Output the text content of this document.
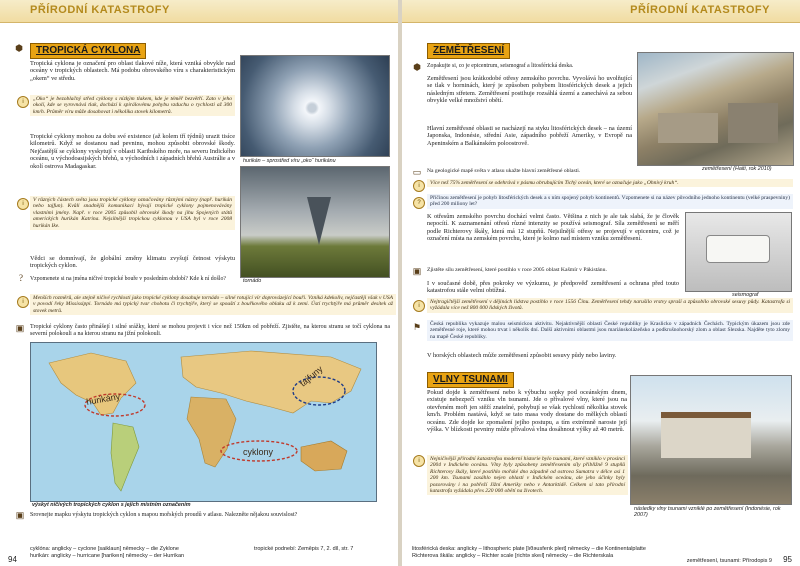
PŘÍRODNÍ KATASTROFY
TROPICKÁ CYKLONA
⬢
Tropická cyklona je označení pro oblast tlakové níže, která vzniká obvykle nad oceány v tropických oblastech. Má podobu obrovského víru s charakteristickým „okem“ ve středu.
i	„Oko“ je bezoblačný střed cyklony s nízkým tlakem, kde je téměř bezvětří. Zato v jeho okolí, kde se vyrovnává tlak, dochází k spirálovému pohybu vzduchu o rychlosti až 300 km/h. Průměr víru může dosahovat i několika stovek kilometrů.
Tropické cyklony mohou za dobu své existence (až kolem tří týdnů) urazit tisíce kilometrů. Když se dostanou nad pevninu, mohou způsobit obrovské škody. Nejčastější se cyklony vyskytují v oblasti Karibského moře, na severu Indického oceánu, u východoasijských břehů, u východních i západních břehů Austrálie a v okolí ostrova Madagaskar.
i
V různých částech světa jsou tropické cyklony označovány různými názvy (např. hurikán nebo tajfun). Kvůli snadnější komunikaci bývají tropické cyklony pojmenovávány vlastními jmény. Např. v roce 2005 způsobil obrovské škody na jihu Spojených států amerických hurikán Katrina. Nejsilnější tropickou cyklonou v USA byl v roce 2008 hurikán Ike.
Vědci se domnívají, že globální změny klimatu zvyšují četnost výskytu tropických cyklon.
?	Vzpomenete si na jména ničivé tropické bouře v posledním období? Kde k ní došlo?
hurikán – sprostřed víru „oko“ hurikánu
tornádo
i
Menších rozměrů, ale stejně ničivé rychlosti jako tropické cyklony dosahuje tornádo – silné rotující vír doprovázející bouři. Vzniká kdekoliv, nejčastěji však v USA v povodí řeky Mississippi. Tornádo má typický tvar chobotu či trychtýře, který se spouští z bouřkového oblaku až k zemi. Ústí trychtýře má průměr desítek až stovek metrů.
▣ Tropické cyklony často přinášejí i silné srážky, které se mohou projevit i více než 150km od pobřeží. Zjistěte, na kterou stranu se točí cyklona na severní polokouli a na kterou stranu na jižní polokouli.
hurikány
tajfuny
cyklony
výskyt ničivých tropických cyklon s jejich místním označením
▣ Srovnejte mapku výskytu tropických cyklon s mapou mořských proudů v atlasu. Nalezněte nějakou souvislost?
cyklóna: anglicky – cyclone [saiklaun] německy – die Zyklone
hurikán: anglicky – hurricane [harikeın] německy – der Hurrikan
tropické podnebí: Zeměpis 7, 2. díl, str. 7
94
PŘÍRODNÍ KATASTROFY
ZEMĚTŘESENÍ
⬢ Zopakujte si, co je epicentrum, seismograf a litosférická deska.
Zemětřesení jsou krátkodobé otřesy zemského povrchu. Vyvolává ho uvolňující se tlak v horninách, který je způsoben pohybem litosférických desek a jejich následným střetem. Zemětřesení postihuje rozsáhlá území a zanechává za sebou obvykle velké množství obětí.
Hlavní zemětřesné oblasti se nacházejí na styku litosférických desek – na území Japonska, Indonésie, střední Asie, západního pobřeží Ameriky, v Evropě na Apeninském a Balkánském poloostrově.
▭ Na geologické mapě světa v atlasu ukažte hlavní zemětřesné oblasti.	zemětřesení (Haiti, rok 2010)
i	Více než 75% zemětřesení se odehrává v pásmu obrubujícím Tichý oceán, které se označuje jako „Ohnivý kruh“.
?
Příčinou zemětřesení je pohyb litosférických desek a s ním spojený pohyb kontinentů. Vzpomenete si na název původního jednoho kontinentu (velké praspevniny) před 200 miliony let?
K otřesům zemského povrchu dochází velmi často. Většina z nich je ale tak slabá, že je člověk nepocítí. K zaznamenání otřesů různé intenzity se používá seismograf. Síla zemětřesení se měří podle Richterovy škály, která má 12 stupňů. Nejsilnější otřesy se projevují v epicentru, což je označení místa na zemském povrchu, které je kolmo nad místem vzniku zemětřesení.
seismograf
▣ Zjistěte sílu zemětřesení, které postihlo v roce 2005 oblast Kašmír v Pákistánu.
I v současné době, přes pokroky ve výzkumu, je předpověď zemětřesení a ochrana před touto katastrofou stále velmi obtížná.
i
Nejtragičtější zemětřesení v dějinách lidstva postihlo v roce 1556 Čínu. Zemětřesení tehdy narušilo vrstvy spraší a způsobilo obrovské sesuvy půdy. Katastrofa si vyžádala více než 800 000 lidských životů.
⚑	Česká republika vykazuje malou seismickou aktivitu. Nejaktivnější oblasti České republiky je Kraslicko v západních Čechách. Typickým úkazem jsou zde zemětřesné roje, které mohou trvat i několik dní. Další aktivními oblastmi jsou mariánskolázeňsko a podkrušnohorský zlom a oblast Slezska. Najděte tyto zlomy na mapě České republiky.
V horských oblastech může zemětřesení způsobit sesuvy půdy nebo laviny.
VLNY TSUNAMI
Pokud dojde k zemětřesení nebo k výbuchu sopky pod oceánským dnem, existuje nebezpečí vzniku vln tsunami. Jde o přívalové vlny, které jsou na otevřeném moři jen stěží znatelné, pohybují se však rychlostí několika stovek km/h. Problém nastává, když se tato masa vody dostane do mělkých oblastí oceánu. Zde dojde ke zpomalení jejího postupu, a tím extrémně naroste její výška. V blízkosti pevniny může přívalová vlna dosáhnout výšky až 40 metrů.
i	Nejničivější přírodní katastrofou moderní historie bylo tsunami, které vzniklo v prosinci 2004 v Indickém oceánu. Vlny byly způsobeny zemětřesením síly přibližně 9 stupňů Richterovy škály, které postihlo mořské dno západně od ostrova Sumatra v délce asi 1 200 km. Tsunami zasáhlo nejen oblasti v Indickém oceánu, ale jeho účinky byly pozorovány i na pobřeží Jižní Ameriky nebo v Antarktidě. Celkem si tato přírodní katastrofa vyžádala přes 220 000 obětí na životech.
následky vlny tsunami vzniklé po zemětřesení (Indonésie, rok 2007)
litosférická deska: anglicky – lithospheric plate [lıθəusferık pleıt] německy – die Kontinentalplatte
Richterova škála: anglicky – Richter scale [richtə skeıl] německy – die Richterskala
zemětřesení, tsunami: Přírodopis 9 95
